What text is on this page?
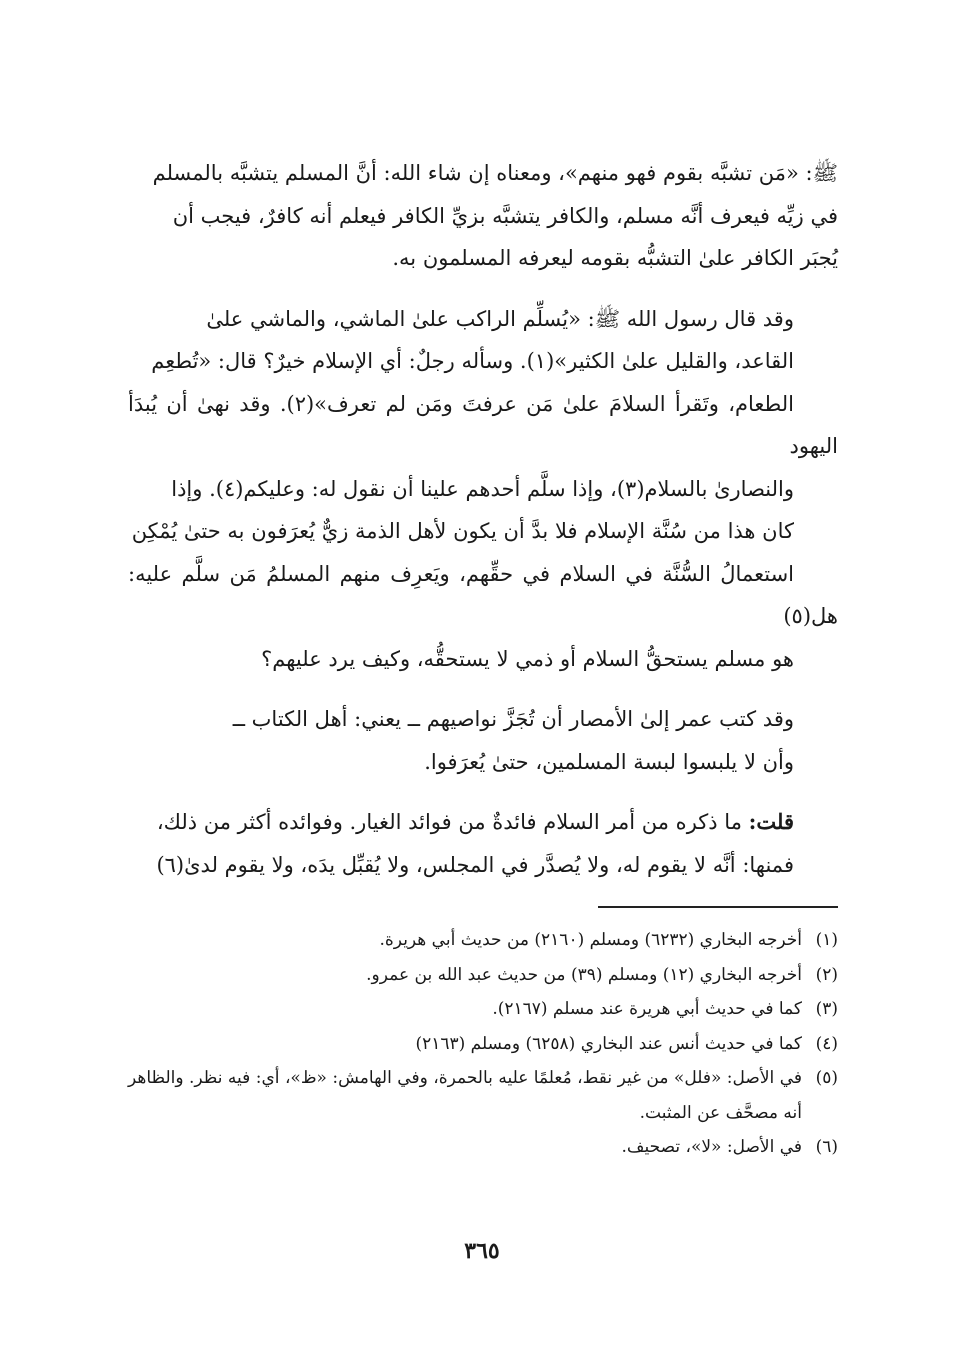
ﷺ: «مَن تشبَّه بقوم فهو منهم»، ومعناه إن شاء الله: أنَّ المسلم يتشبَّه بالمسلم
في زيِّه فيعرف أنَّه مسلم، والكافر يتشبَّه بزيِّ الكافر فيعلم أنه كافرٌ، فيجب أن
يُجبَر الكافر علىٰ التشبُّه بقومه ليعرفه المسلمون به.

وقد قال رسول الله ﷺ: «يُسلِّم الراكب علىٰ الماشي، والماشي علىٰ
القاعد، والقليل علىٰ الكثير»(١). وسأله رجلٌ: أي الإسلام خيرٌ؟ قال: «تُطعِم
الطعام، وتَقرأ السلامَ علىٰ مَن عرفتَ ومَن لم تعرف»(٢). وقد نهىٰ أن يُبدَأ اليهود
والنصارىٰ بالسلام(٣)، وإذا سلَّم أحدهم علينا أن نقول له: وعليكم(٤). وإذا
كان هذا من سُنَّة الإسلام فلا بدَّ أن يكون لأهل الذمة زيٌّ يُعرَفون به حتىٰ يُمْكِن
استعمالُ السُّنَّة في السلام في حقِّهم، ويَعرِف منهم المسلمُ مَن سلَّم عليه: هل(٥)
هو مسلم يستحقُّ السلام أو ذمي لا يستحقُّه، وكيف يرد عليهم؟

وقد كتب عمر إلىٰ الأمصار أن تُجَزَّ نواصيهم ــ يعني: أهل الكتاب ــ
وأن لا يلبسوا لبسة المسلمين، حتىٰ يُعرَفوا.

قلت: ما ذكره من أمر السلام فائدةٌ من فوائد الغيار. وفوائده أكثر من ذلك،
فمنها: أنَّه لا يقوم له، ولا يُصدَّر في المجلس، ولا يُقبِّل يدَه، ولا يقوم لدىٰ(٦)

(١)
أخرجه البخاري (٦٢٣٢) ومسلم (٢١٦٠) من حديث أبي هريرة.
(٢)
أخرجه البخاري (١٢) ومسلم (٣٩) من حديث عبد الله بن عمرو.
(٣)
كما في حديث أبي هريرة عند مسلم (٢١٦٧).
(٤)
كما في حديث أنس عند البخاري (٦٢٥٨) ومسلم (٢١٦٣)
(٥)
في الأصل: «فلل» من غير نقط، مُعلمًا عليه بالحمرة، وفي الهامش: «ظ»، أي: فيه نظر. والظاهر أنه مصحَّف عن المثبت.
(٦)
في الأصل: «لا»، تصحيف.
٣٦٥
